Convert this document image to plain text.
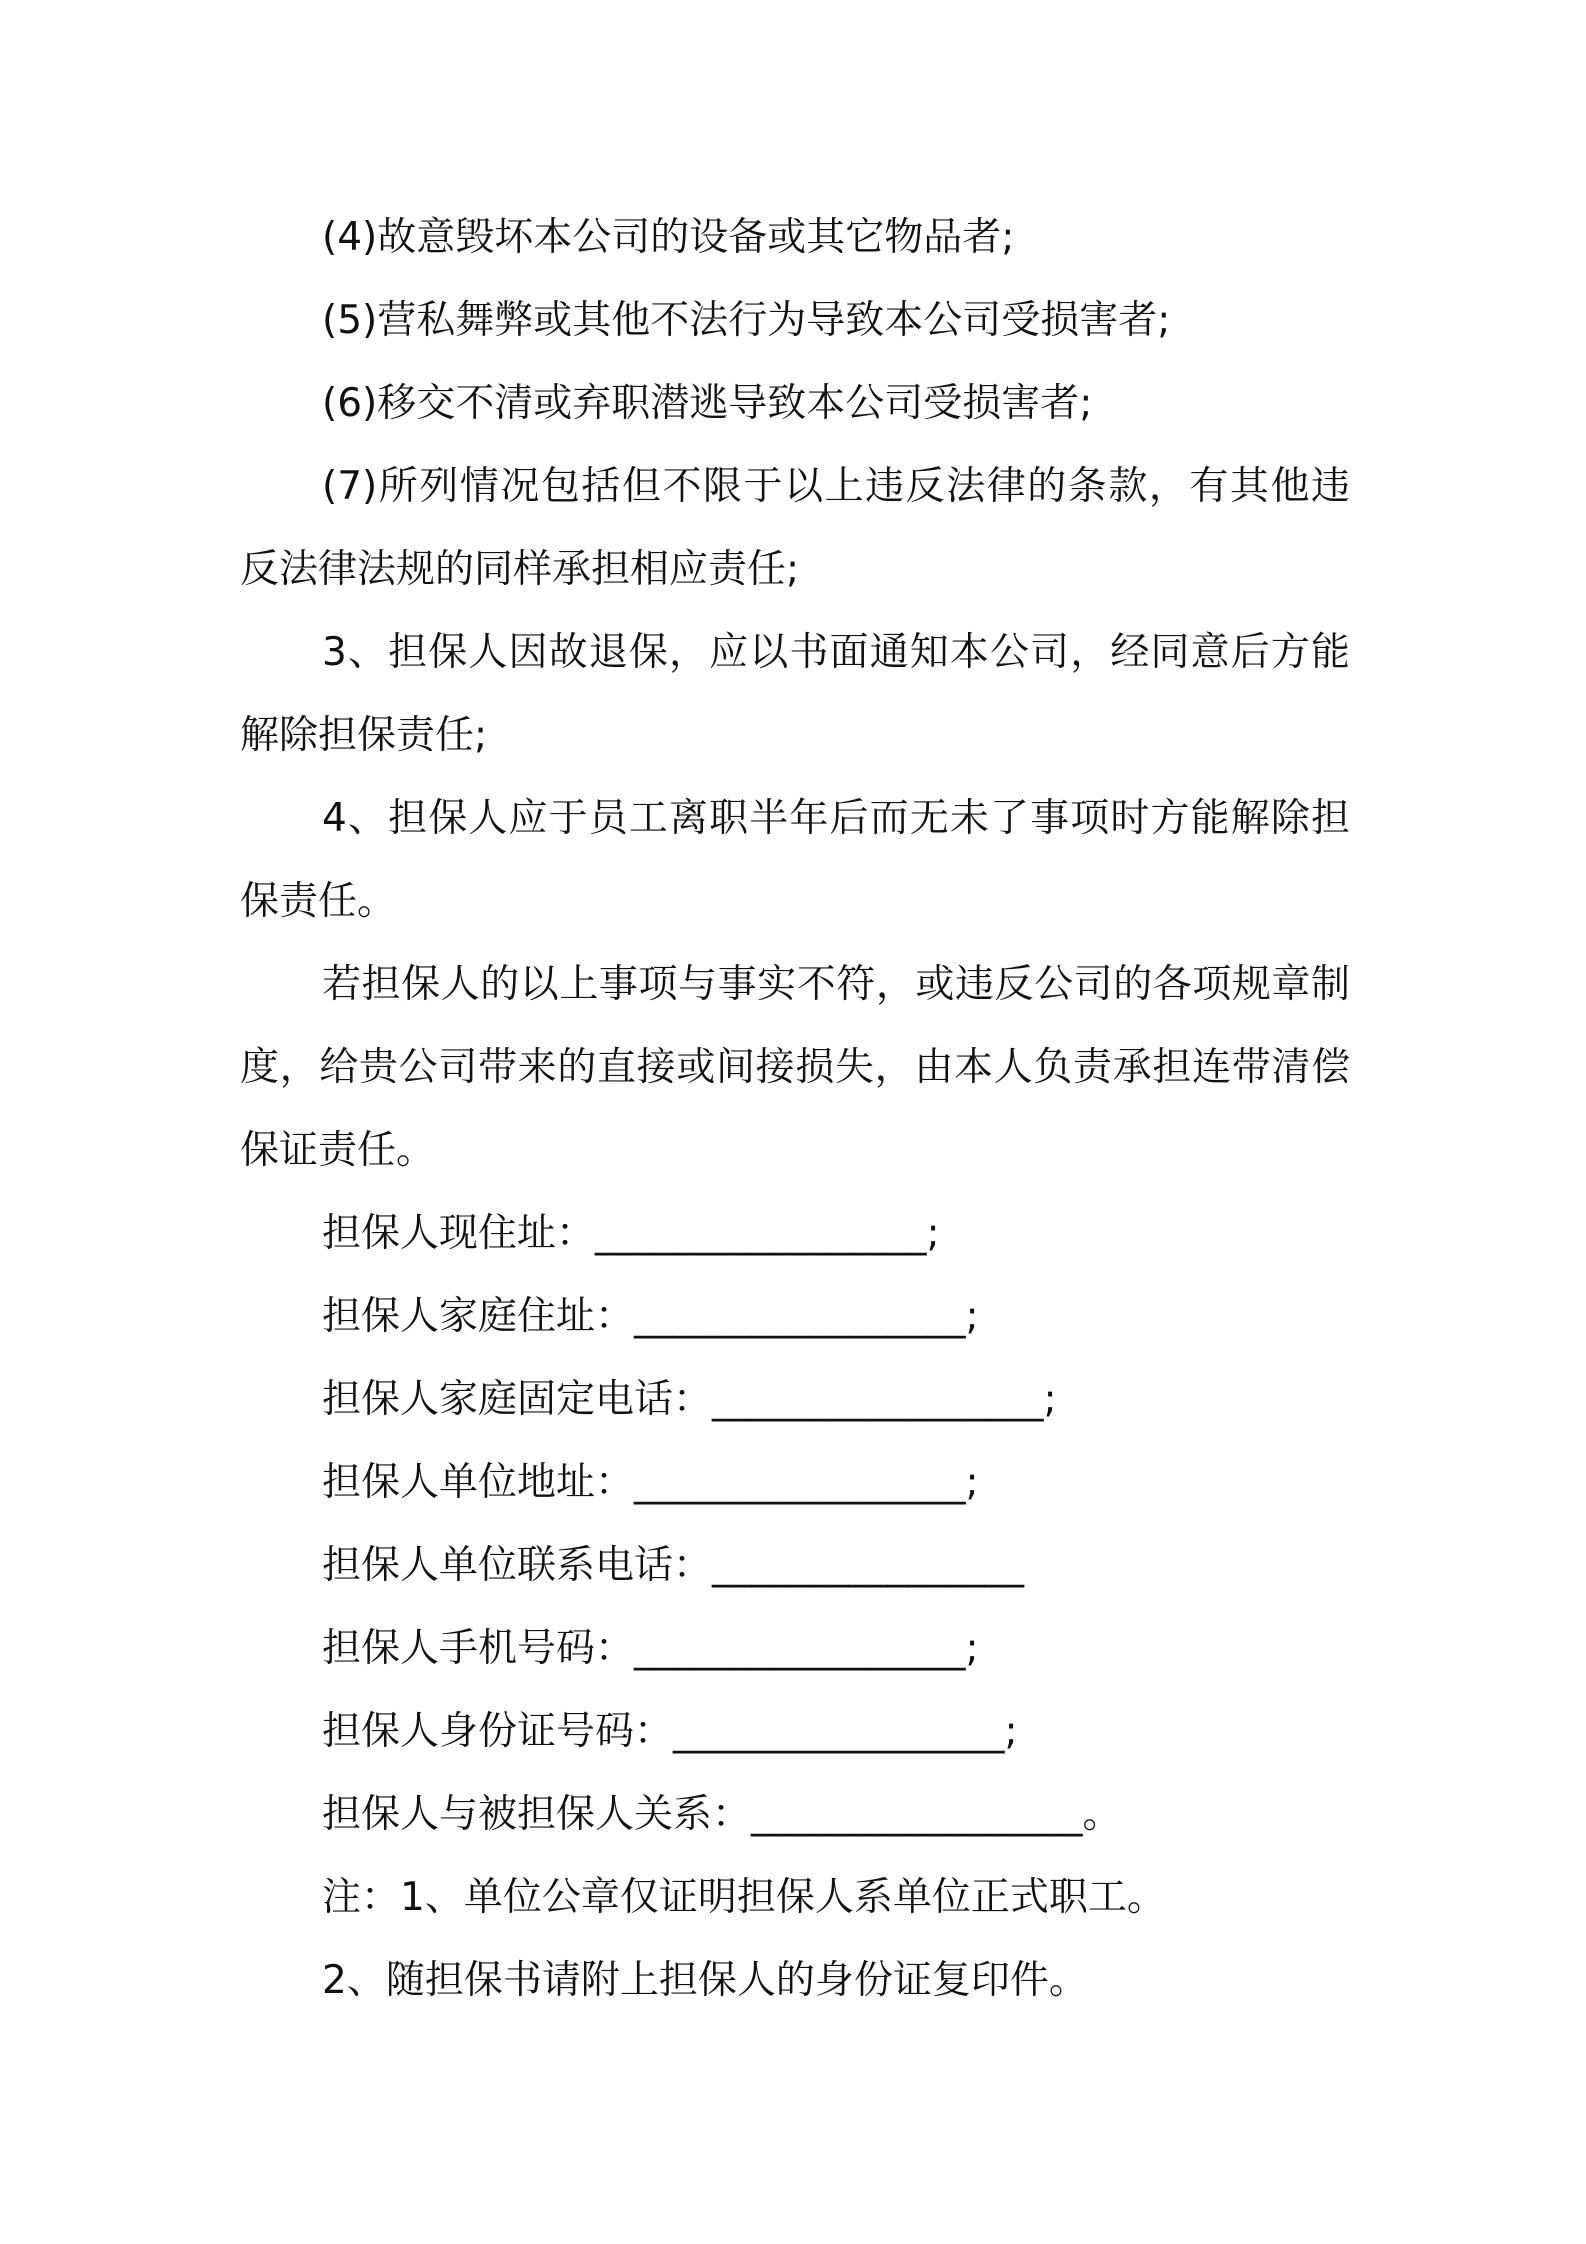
(4)故意毁坏本公司的设备或其它物品者;

(5)营私舞弊或其他不法行为导致本公司受损害者;

(6)移交不清或弃职潜逃导致本公司受损害者;

(7)所列情况包括但不限于以上违反法律的条款，有其他违反法律法规的同样承担相应责任;

3、担保人因故退保，应以书面通知本公司，经同意后方能解除担保责任;

4、担保人应于员工离职半年后而无未了事项时方能解除担保责任。

若担保人的以上事项与事实不符，或违反公司的各项规章制度，给贵公司带来的直接或间接损失，由本人负责承担连带清偿保证责任。

担保人现住址：_________________;

担保人家庭住址：_________________;

担保人家庭固定电话：_________________;

担保人单位地址：_________________;

担保人单位联系电话：________________

担保人手机号码：_________________;

担保人身份证号码：_________________;

担保人与被担保人关系：_________________。

注：1、单位公章仅证明担保人系单位正式职工。

2、随担保书请附上担保人的身份证复印件。
